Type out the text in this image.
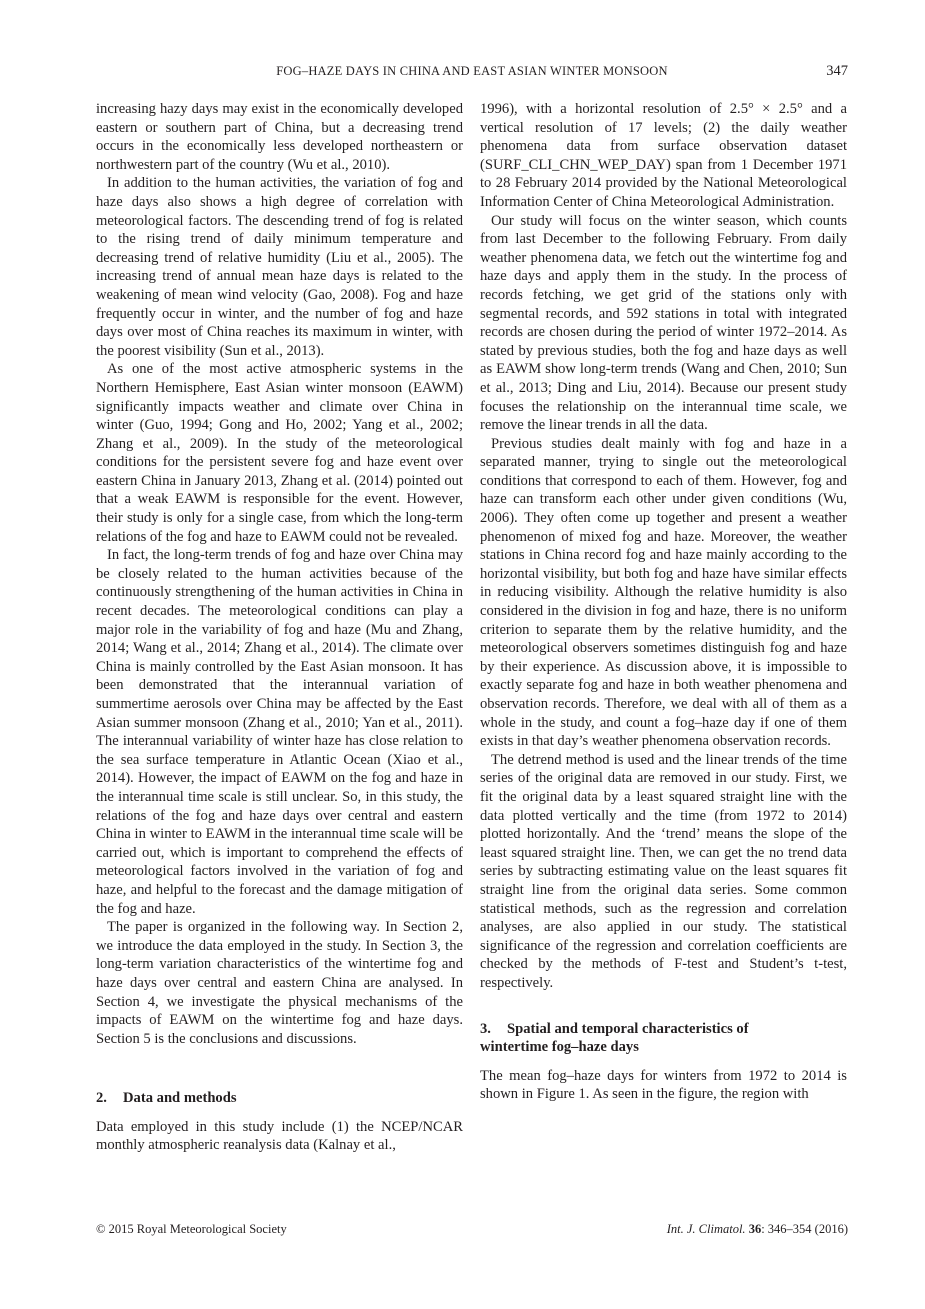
FOG–HAZE DAYS IN CHINA AND EAST ASIAN WINTER MONSOON	347

increasing hazy days may exist in the economically developed eastern or southern part of China, but a decreasing trend occurs in the economically less developed northeastern or northwestern part of the country (Wu et al., 2010).

In addition to the human activities, the variation of fog and haze days also shows a high degree of correlation with meteorological factors. The descending trend of fog is related to the rising trend of daily minimum temperature and decreasing trend of relative humidity (Liu et al., 2005). The increasing trend of annual mean haze days is related to the weakening of mean wind velocity (Gao, 2008). Fog and haze frequently occur in winter, and the number of fog and haze days over most of China reaches its maximum in winter, with the poorest visibility (Sun et al., 2013).

As one of the most active atmospheric systems in the Northern Hemisphere, East Asian winter monsoon (EAWM) significantly impacts weather and climate over China in winter (Guo, 1994; Gong and Ho, 2002; Yang et al., 2002; Zhang et al., 2009). In the study of the meteorological conditions for the persistent severe fog and haze event over eastern China in January 2013, Zhang et al. (2014) pointed out that a weak EAWM is responsible for the event. However, their study is only for a single case, from which the long-term relations of the fog and haze to EAWM could not be revealed.

In fact, the long-term trends of fog and haze over China may be closely related to the human activities because of the continuously strengthening of the human activities in China in recent decades. The meteorological conditions can play a major role in the variability of fog and haze (Mu and Zhang, 2014; Wang et al., 2014; Zhang et al., 2014). The climate over China is mainly controlled by the East Asian monsoon. It has been demonstrated that the interannual variation of summertime aerosols over China may be affected by the East Asian summer monsoon (Zhang et al., 2010; Yan et al., 2011). The interannual variability of winter haze has close relation to the sea surface temperature in Atlantic Ocean (Xiao et al., 2014). However, the impact of EAWM on the fog and haze in the interannual time scale is still unclear. So, in this study, the relations of the fog and haze days over central and eastern China in winter to EAWM in the interannual time scale will be carried out, which is important to comprehend the effects of meteorological factors involved in the variation of fog and haze, and helpful to the forecast and the damage mitigation of the fog and haze.

The paper is organized in the following way. In Section 2, we introduce the data employed in the study. In Section 3, the long-term variation characteristics of the wintertime fog and haze days over central and eastern China are analysed. In Section 4, we investigate the physical mechanisms of the impacts of EAWM on the wintertime fog and haze days. Section 5 is the conclusions and discussions.

2. Data and methods

Data employed in this study include (1) the NCEP/NCAR monthly atmospheric reanalysis data (Kalnay et al.,

1996), with a horizontal resolution of 2.5° × 2.5° and a vertical resolution of 17 levels; (2) the daily weather phenomena data from surface observation dataset (SURF_CLI_CHN_WEP_DAY) span from 1 December 1971 to 28 February 2014 provided by the National Meteorological Information Center of China Meteorological Administration.

Our study will focus on the winter season, which counts from last December to the following February. From daily weather phenomena data, we fetch out the wintertime fog and haze days and apply them in the study. In the process of records fetching, we get grid of the stations only with segmental records, and 592 stations in total with integrated records are chosen during the period of winter 1972–2014. As stated by previous studies, both the fog and haze days as well as EAWM show long-term trends (Wang and Chen, 2010; Sun et al., 2013; Ding and Liu, 2014). Because our present study focuses the relationship on the interannual time scale, we remove the linear trends in all the data.

Previous studies dealt mainly with fog and haze in a separated manner, trying to single out the meteorological conditions that correspond to each of them. However, fog and haze can transform each other under given conditions (Wu, 2006). They often come up together and present a weather phenomenon of mixed fog and haze. Moreover, the weather stations in China record fog and haze mainly according to the horizontal visibility, but both fog and haze have similar effects in reducing visibility. Although the relative humidity is also considered in the division in fog and haze, there is no uniform criterion to separate them by the relative humidity, and the meteorological observers sometimes distinguish fog and haze by their experience. As discussion above, it is impossible to exactly separate fog and haze in both weather phenomena and observation records. Therefore, we deal with all of them as a whole in the study, and count a fog–haze day if one of them exists in that day’s weather phenomena observation records.

The detrend method is used and the linear trends of the time series of the original data are removed in our study. First, we fit the original data by a least squared straight line with the data plotted vertically and the time (from 1972 to 2014) plotted horizontally. And the ‘trend’ means the slope of the least squared straight line. Then, we can get the no trend data series by subtracting estimating value on the least squares fit straight line from the original data series. Some common statistical methods, such as the regression and correlation analyses, are also applied in our study. The statistical significance of the regression and correlation coefficients are checked by the methods of F-test and Student’s t-test, respectively.

3. Spatial and temporal characteristics of
wintertime fog–haze days

The mean fog–haze days for winters from 1972 to 2014 is shown in Figure 1. As seen in the figure, the region with

© 2015 Royal Meteorological Society	Int. J. Climatol. 36: 346–354 (2016)
